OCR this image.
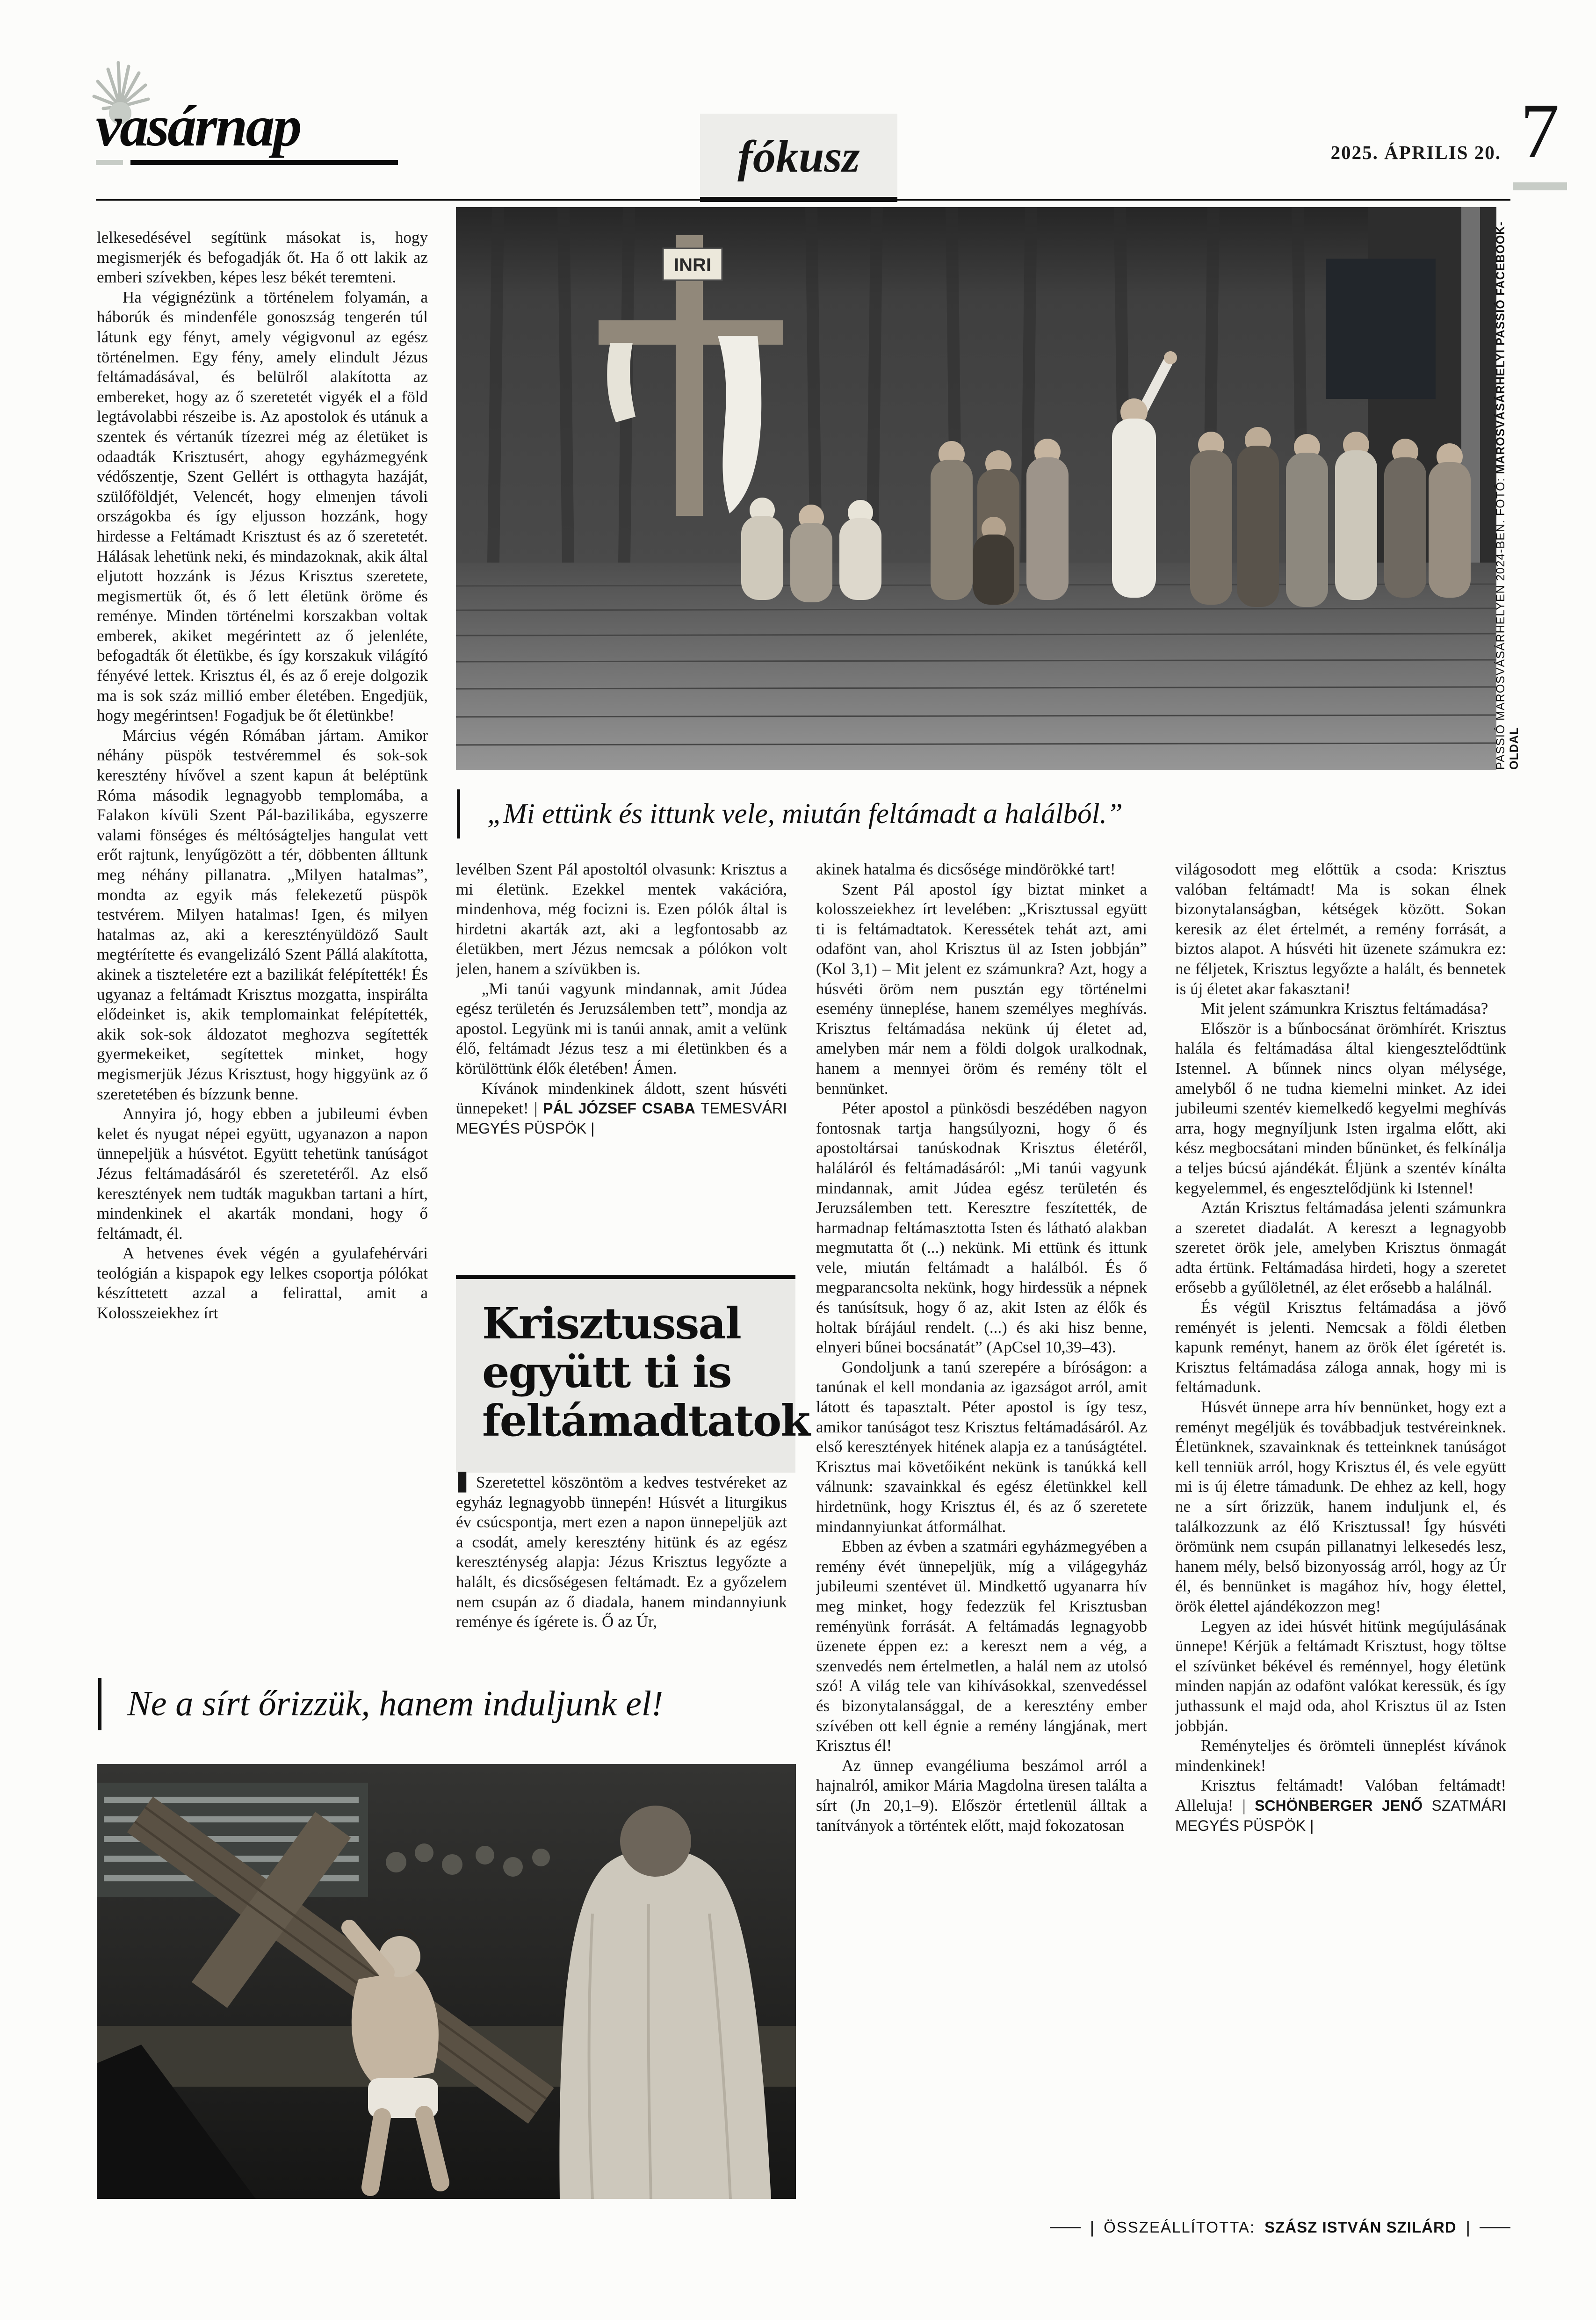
vasárnap	fókusz	2025. ÁPRILIS 20. 7
INRI
PASSIÓ MAROSVÁSÁRHELYEN 2024-BEN. FOTÓ: MAROSVÁSÁRHELYI PASSIÓ FACEBOOK-OLDAL
„Mi ettünk és ittunk vele, miután feltámadt a halálból.”

lelkesedésével segítünk másokat is, hogy megismerjék és befogadják őt. Ha ő ott lakik az emberi szívekben, képes lesz békét teremteni.

Ha végignézünk a történelem folyamán, a háborúk és mindenféle gonoszság tengerén túl látunk egy fényt, amely végigvonul az egész történelmen. Egy fény, amely elindult Jézus feltámadásával, és belülről alakította az embereket, hogy az ő szeretetét vigyék el a föld legtávolabbi részeibe is. Az apostolok és utánuk a szentek és vértanúk tízezrei még az életüket is odaadták Krisztusért, ahogy egyházmegyénk védőszentje, Szent Gellért is otthagyta hazáját, szülőföldjét, Velencét, hogy elmenjen távoli országokba és így eljusson hozzánk, hogy hirdesse a Feltámadt Krisztust és az ő szeretetét. Hálásak lehetünk neki, és mindazoknak, akik által eljutott hozzánk is Jézus Krisztus szeretete, megismertük őt, és ő lett életünk öröme és reménye. Minden történelmi korszakban voltak emberek, akiket megérintett az ő jelenléte, befogadták őt életükbe, és így korszakuk világító fényévé lettek. Krisztus él, és az ő ereje dolgozik ma is sok száz millió ember életében. Engedjük, hogy megérintsen! Fogadjuk be őt életünkbe!

Március végén Rómában jártam. Amikor néhány püspök testvéremmel és sok-sok keresztény hívővel a szent kapun át beléptünk Róma második legnagyobb templomába, a Falakon kívüli Szent Pál-bazilikába, egyszerre valami fönséges és méltóságteljes hangulat vett erőt rajtunk, lenyűgözött a tér, döbbenten álltunk meg néhány pillanatra. „Milyen hatalmas”, mondta az egyik más felekezetű püspök testvérem. Milyen hatalmas! Igen, és milyen hatalmas az, aki a keresztényüldöző Sault megtérítette és evangelizáló Szent Pállá alakította, akinek a tiszteletére ezt a bazilikát felépítették! És ugyanaz a feltámadt Krisztus mozgatta, inspirálta elődeinket is, akik templomainkat felépítették, akik sok-sok áldozatot meghozva segítették gyermekeiket, segítettek minket, hogy megismerjük Jézus Krisztust, hogy higgyünk az ő szeretetében és bízzunk benne.

Annyira jó, hogy ebben a jubileumi évben kelet és nyugat népei együtt, ugyanazon a napon ünnepeljük a húsvétot. Együtt tehetünk tanúságot Jézus feltámadásáról és szeretetéről. Az első keresztények nem tudták magukban tartani a hírt, mindenkinek el akarták mondani, hogy ő feltámadt, él.

A hetvenes évek végén a gyulafehérvári teológián a kispapok egy lelkes csoportja pólókat készíttetett azzal a felirattal, amit a Kolosszeiekhez írt

levélben Szent Pál apostoltól olvasunk: Krisztus a mi életünk. Ezekkel mentek vakációra, mindenhova, még focizni is. Ezen pólók által is hirdetni akarták azt, aki a legfontosabb az életükben, mert Jézus nemcsak a pólókon volt jelen, hanem a szívükben is.

„Mi tanúi vagyunk mindannak, amit Júdea egész területén és Jeruzsálemben tett”, mondja az apostol. Legyünk mi is tanúi annak, amit a velünk élő, feltámadt Jézus tesz a mi életünkben és a körülöttünk élők életében! Ámen.

Kívánok mindenkinek áldott, szent húsvéti ünnepeket! | PÁL JÓZSEF CSABA TEMESVÁRI MEGYÉS PÜSPÖK |

Krisztussal együtt ti is feltámadtatok

█ Szeretettel köszöntöm a kedves testvéreket az egyház legnagyobb ünnepén! Húsvét a liturgikus év csúcspontja, mert ezen a napon ünnepeljük azt a csodát, amely keresztény hitünk és az egész kereszténység alapja: Jézus Krisztus legyőzte a halált, és dicsőségesen feltámadt. Ez a győzelem nem csupán az ő diadala, hanem mindannyiunk reménye és ígérete is. Ő az Úr,

akinek hatalma és dicsősége mindörökké tart!

Szent Pál apostol így biztat minket a kolosszeiekhez írt levelében: „Krisztussal együtt ti is feltámadtatok. Keressétek tehát azt, ami odafönt van, ahol Krisztus ül az Isten jobbján” (Kol 3,1) – Mit jelent ez számunkra? Azt, hogy a húsvéti öröm nem pusztán egy történelmi esemény ünneplése, hanem személyes meghívás. Krisztus feltámadása nekünk új életet ad, amelyben már nem a földi dolgok uralkodnak, hanem a mennyei öröm és remény tölt el bennünket.

Péter apostol a pünkösdi beszédében nagyon fontosnak tartja hangsúlyozni, hogy ő és apostoltársai tanúskodnak Krisztus életéről, haláláról és feltámadásáról: „Mi tanúi vagyunk mindannak, amit Júdea egész területén és Jeruzsálemben tett. Keresztre feszítették, de harmadnap feltámasztotta Isten és látható alakban megmutatta őt (...) nekünk. Mi ettünk és ittunk vele, miután feltámadt a halálból. És ő megparancsolta nekünk, hogy hirdessük a népnek és tanúsítsuk, hogy ő az, akit Isten az élők és holtak bírájául rendelt. (...) és aki hisz benne, elnyeri bűnei bocsánatát” (ApCsel 10,39–43).

Gondoljunk a tanú szerepére a bíróságon: a tanúnak el kell mondania az igazságot arról, amit látott és tapasztalt. Péter apostol is így tesz, amikor tanúságot tesz Krisztus feltámadásáról. Az első keresztények hitének alapja ez a tanúságtétel. Krisztus mai követőiként nekünk is tanúkká kell válnunk: szavainkkal és egész életünkkel kell hirdetnünk, hogy Krisztus él, és az ő szeretete mindannyiunkat átformálhat.

Ebben az évben a szatmári egyházmegyében a remény évét ünnepeljük, míg a világegyház jubileumi szentévet ül. Mindkettő ugyanarra hív meg minket, hogy fedezzük fel Krisztusban reményünk forrását. A feltámadás legnagyobb üzenete éppen ez: a kereszt nem a vég, a szenvedés nem értelmetlen, a halál nem az utolsó szó! A világ tele van kihívásokkal, szenvedéssel és bizonytalansággal, de a keresztény ember szívében ott kell égnie a remény lángjának, mert Krisztus él!

Az ünnep evangéliuma beszámol arról a hajnalról, amikor Mária Magdolna üresen találta a sírt (Jn 20,1–9). Először értetlenül álltak a tanítványok a történtek előtt, majd fokozatosan

világosodott meg előttük a csoda: Krisztus valóban feltámadt! Ma is sokan élnek bizonytalanságban, kétségek között. Sokan keresik az élet értelmét, a remény forrását, a biztos alapot. A húsvéti hit üzenete számukra ez: ne féljetek, Krisztus legyőzte a halált, és bennetek is új életet akar fakasztani!

Mit jelent számunkra Krisztus feltámadása?

Először is a bűnbocsánat örömhírét. Krisztus halála és feltámadása által kiengesztelődtünk Istennel. A bűnnek nincs olyan mélysége, amelyből ő ne tudna kiemelni minket. Az idei jubileumi szentév kiemelkedő kegyelmi meghívás arra, hogy megnyíljunk Isten irgalma előtt, aki kész megbocsátani minden bűnünket, és felkínálja a teljes búcsú ajándékát. Éljünk a szentév kínálta kegyelemmel, és engesztelődjünk ki Istennel!

Aztán Krisztus feltámadása jelenti számunkra a szeretet diadalát. A kereszt a legnagyobb szeretet örök jele, amelyben Krisztus önmagát adta értünk. Feltámadása hirdeti, hogy a szeretet erősebb a gyűlöletnél, az élet erősebb a halálnál.

És végül Krisztus feltámadása a jövő reményét is jelenti. Nemcsak a földi életben kapunk reményt, hanem az örök élet ígéretét is. Krisztus feltámadása záloga annak, hogy mi is feltámadunk.

Húsvét ünnepe arra hív bennünket, hogy ezt a reményt megéljük és továbbadjuk testvéreinknek. Életünknek, szavainknak és tetteinknek tanúságot kell tenniük arról, hogy Krisztus él, és vele együtt mi is új életre támadunk. De ehhez az kell, hogy ne a sírt őrizzük, hanem induljunk el, és találkozzunk az élő Krisztussal! Így húsvéti örömünk nem csupán pillanatnyi lelkesedés lesz, hanem mély, belső bizonyosság arról, hogy az Úr él, és bennünket is magához hív, hogy élettel, örök élettel ajándékozzon meg!

Legyen az idei húsvét hitünk megújulásának ünnepe! Kérjük a feltámadt Krisztust, hogy töltse el szívünket békével és reménnyel, hogy életünk minden napján az odafönt valókat keressük, és így juthassunk el majd oda, ahol Krisztus ül az Isten jobbján.

Reményteljes és örömteli ünneplést kívánok mindenkinek!

Krisztus feltámadt! Valóban feltámadt! Alleluja! | SCHÖNBERGER JENŐ SZATMÁRI MEGYÉS PÜSPÖK |

Ne a sírt őrizzük, hanem induljunk el!
| ÖSSZEÁLLÍTOTTA: SZÁSZ ISTVÁN SZILÁRD |
